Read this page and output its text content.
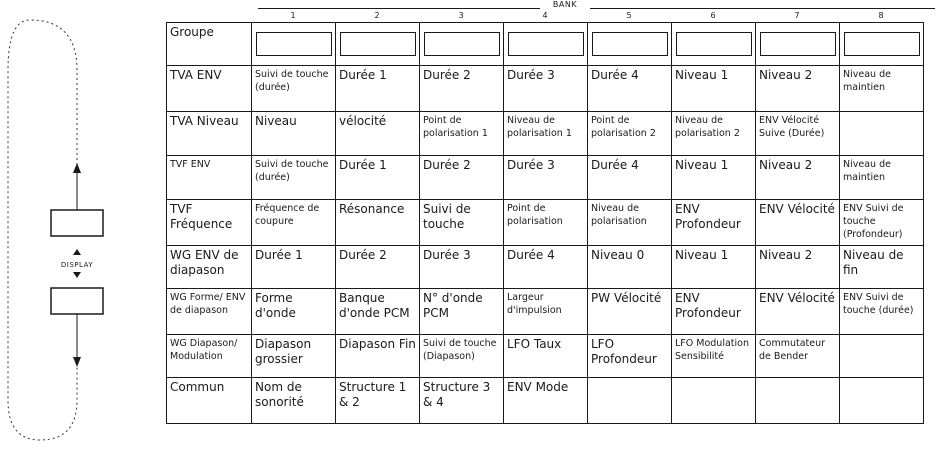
DISPLAY
BANK
1	2	3	4	5	6	7	8
Groupe	

TVA ENV	Suivi de touche (durée)	Durée 1	Durée 2	Durée 3	Durée 4	Niveau 1	Niveau 2	Niveau de maintien
TVA Niveau	Niveau	vélocité	Point de polarisation 1	Niveau de polarisation 1	Point de polarisation 2	Niveau de polarisation 2	ENV Vélocité Suive (Durée)	
TVF ENV	Suivi de touche (durée)	Durée 1	Durée 2	Durée 3	Durée 4	Niveau 1	Niveau 2	Niveau de maintien
TVF Fréquence	Fréquence de coupure	Résonance	Suivi de touche	Point de polarisation	Niveau de polarisation	ENV Profondeur	ENV Vélocité	ENV Suivi de touche (Profondeur)
WG ENV de diapason	Durée 1	Durée 2	Durée 3	Durée 4	Niveau 0	Niveau 1	Niveau 2	Niveau de fin
WG Forme/ ENV de diapason	Forme d'onde	Banque d'onde PCM	N° d'onde PCM	Largeur d'impulsion	PW Vélocité	ENV Profondeur	ENV Vélocité	ENV Suivi de touche (durée)
WG Diapason/ Modulation	Diapason grossier	Diapason Fin	Suivi de touche (Diapason)	LFO Taux	LFO Profondeur	LFO Modulation Sensibilité	Commutateur de Bender	
Commun	Nom de sonorité	Structure 1 & 2	Structure 3 & 4	ENV Mode				
